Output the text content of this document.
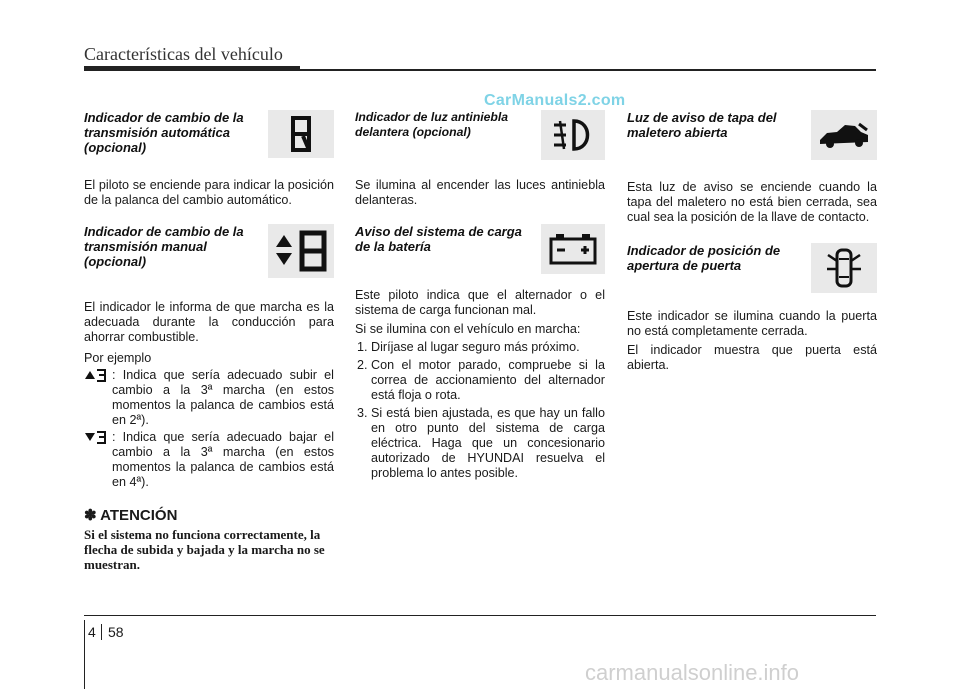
Características del vehículo
CarManuals2.com
Indicador de cambio de la transmisión automática (opcional)

El piloto se enciende para indicar la posición de la palanca del cambio automático.

Indicador de cambio de la transmisión manual (opcional)

El indicador le informa de que marcha es la adecuada durante la conducción para ahorrar combustible.

Por ejemplo

: Indica que sería adecuado subir el cambio a la 3ª marcha (en estos momentos la palanca de cambios está en 2ª).
: Indica que sería adecuado bajar el cambio a la 3ª marcha (en estos momentos la palanca de cambios está en 4ª).
✽ ATENCIÓN
Si el sistema no funciona correctamente, la flecha de subida y bajada y la marcha no se muestran.
Indicador de luz antiniebla delantera (opcional)

Se ilumina al encender las luces antiniebla delanteras.

Aviso del sistema de carga de la batería

Este piloto indica que el alternador o el sistema de carga funcionan mal.

Si se ilumina con el vehículo en marcha:

1. Diríjase al lugar seguro más próximo.
2. Con el motor parado, compruebe si la correa de accionamiento del alternador está floja o rota.
3. Si está bien ajustada, es que hay un fallo en otro punto del sistema de carga eléctrica. Haga que un concesionario autorizado de HYUNDAI resuelva el problema lo antes posible.
Luz de aviso de tapa del maletero abierta

Esta luz de aviso se enciende cuando la tapa del maletero no está bien cerrada, sea cual sea la posición de la llave de contacto.

Indicador de posición de apertura de puerta

Este indicador se ilumina cuando la puerta no está completamente cerrada.

El indicador muestra que puerta está abierta.

4 58
carmanualsonline.info
